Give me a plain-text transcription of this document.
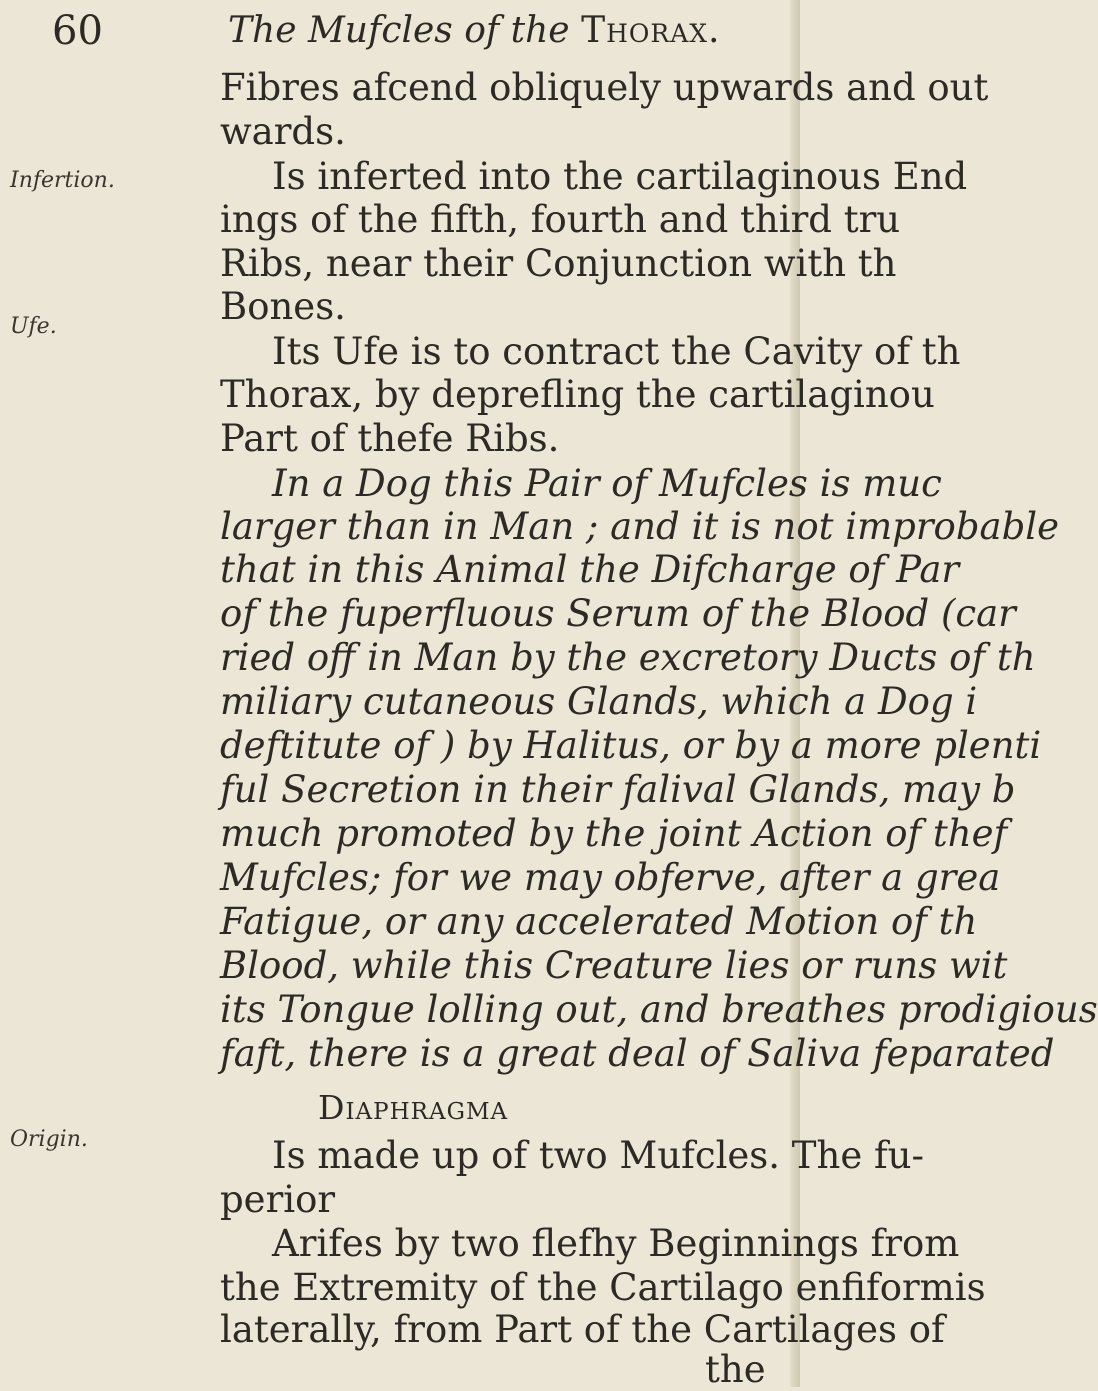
60	The Mufcles of the Thorax.
Infertion.
Ufe.
Origin.
Fibres afcend obliquely upwards and out
wards.
Is inferted into the cartilaginous End
ings of the fifth, fourth and third tru
Ribs, near their Conjunction with th
Bones.
Its Ufe is to contract the Cavity of th
Thorax, by deprefling the cartilaginou
Part of thefe Ribs.
In a Dog this Pair of Mufcles is muc
larger than in Man ; and it is not improbable
that in this Animal the Difcharge of Par
of the fuperfluous Serum of the Blood (car
ried off in Man by the excretory Ducts of th
miliary cutaneous Glands, which a Dog i
deftitute of ) by Halitus, or by a more plenti
ful Secretion in their falival Glands, may b
much promoted by the joint Action of thef
Mufcles; for we may obferve, after a grea
Fatigue, or any accelerated Motion of th
Blood, while this Creature lies or runs wit
its Tongue lolling out, and breathes prodigious
faft, there is a great deal of Saliva feparated
Diaphragma
Is made up of two Mufcles. The fu-
perior
Arifes by two flefhy Beginnings from
the Extremity of the Cartilago enfiformis
laterally, from Part of the Cartilages of
the
